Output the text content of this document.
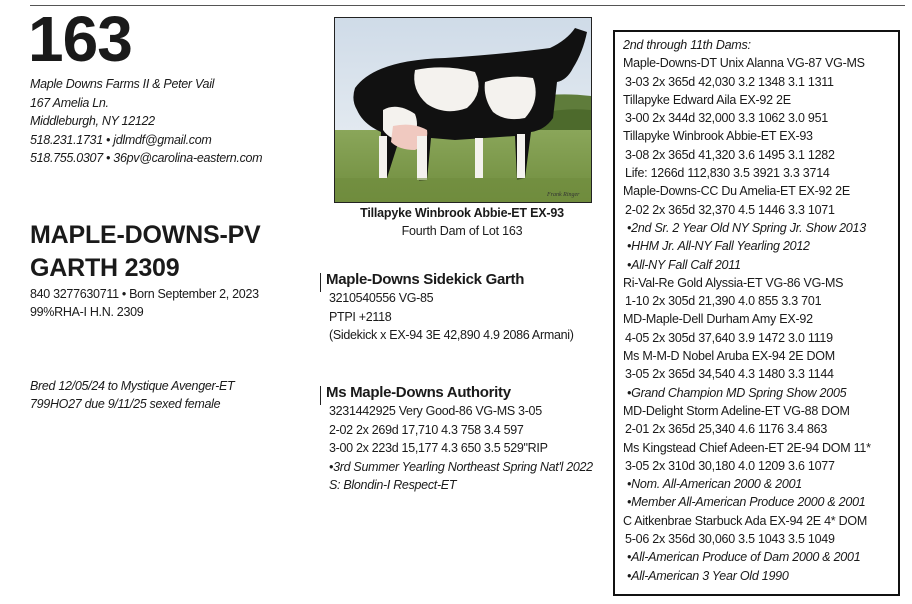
163
Maple Downs Farms II & Peter Vail
167 Amelia Ln.
Middleburgh, NY 12122
518.231.1731 • jdlmdf@gmail.com
518.755.0307 • 36pv@carolina-eastern.com
MAPLE-DOWNS-PV
GARTH 2309
840 3277630711 • Born September 2, 2023
99%RHA-I H.N. 2309
Bred 12/05/24 to Mystique Avenger-ET
799HO27 due 9/11/25 sexed female
Frank Ringer
Tillapyke Winbrook Abbie-ET EX-93
Fourth Dam of Lot 163
Maple-Downs Sidekick Garth
3210540556 VG-85
PTPI +2118
(Sidekick x EX-94 3E 42,890 4.9 2086 Armani)
Ms Maple-Downs Authority
3231442925 Very Good-86 VG-MS 3-05
2-02 2x 269d 17,710 4.3 758 3.4 597
3-00 2x 223d 15,177 4.3 650 3.5 529"RIP
•3rd Summer Yearling Northeast Spring Nat'l 2022
S: Blondin-I Respect-ET
2nd through 11th Dams:
Maple-Downs-DT Unix Alanna VG-87 VG-MS
3-03 2x 365d 42,030 3.2 1348 3.1 1311
Tillapyke Edward Aila EX-92 2E
3-00 2x 344d 32,000 3.3 1062 3.0 951
Tillapyke Winbrook Abbie-ET EX-93
3-08 2x 365d 41,320 3.6 1495 3.1 1282
Life: 1266d 112,830 3.5 3921 3.3 3714
Maple-Downs-CC Du Amelia-ET EX-92 2E
2-02 2x 365d 32,370 4.5 1446 3.3 1071
•2nd Sr. 2 Year Old NY Spring Jr. Show 2013
•HHM Jr. All-NY Fall Yearling 2012
•All-NY Fall Calf 2011
Ri-Val-Re Gold Alyssia-ET VG-86 VG-MS
1-10 2x 305d 21,390 4.0 855 3.3 701
MD-Maple-Dell Durham Amy EX-92
4-05 2x 305d 37,640 3.9 1472 3.0 1119
Ms M-M-D Nobel Aruba EX-94 2E DOM
3-05 2x 365d 34,540 4.3 1480 3.3 1144
•Grand Champion MD Spring Show 2005
MD-Delight Storm Adeline-ET VG-88 DOM
2-01 2x 365d 25,340 4.6 1176 3.4 863
Ms Kingstead Chief Adeen-ET 2E-94 DOM 11*
3-05 2x 310d 30,180 4.0 1209 3.6 1077
•Nom. All-American 2000 & 2001
•Member All-American Produce 2000 & 2001
C Aitkenbrae Starbuck Ada EX-94 2E 4* DOM
5-06 2x 356d 30,060 3.5 1043 3.5 1049
•All-American Produce of Dam 2000 & 2001
•All-American 3 Year Old 1990
